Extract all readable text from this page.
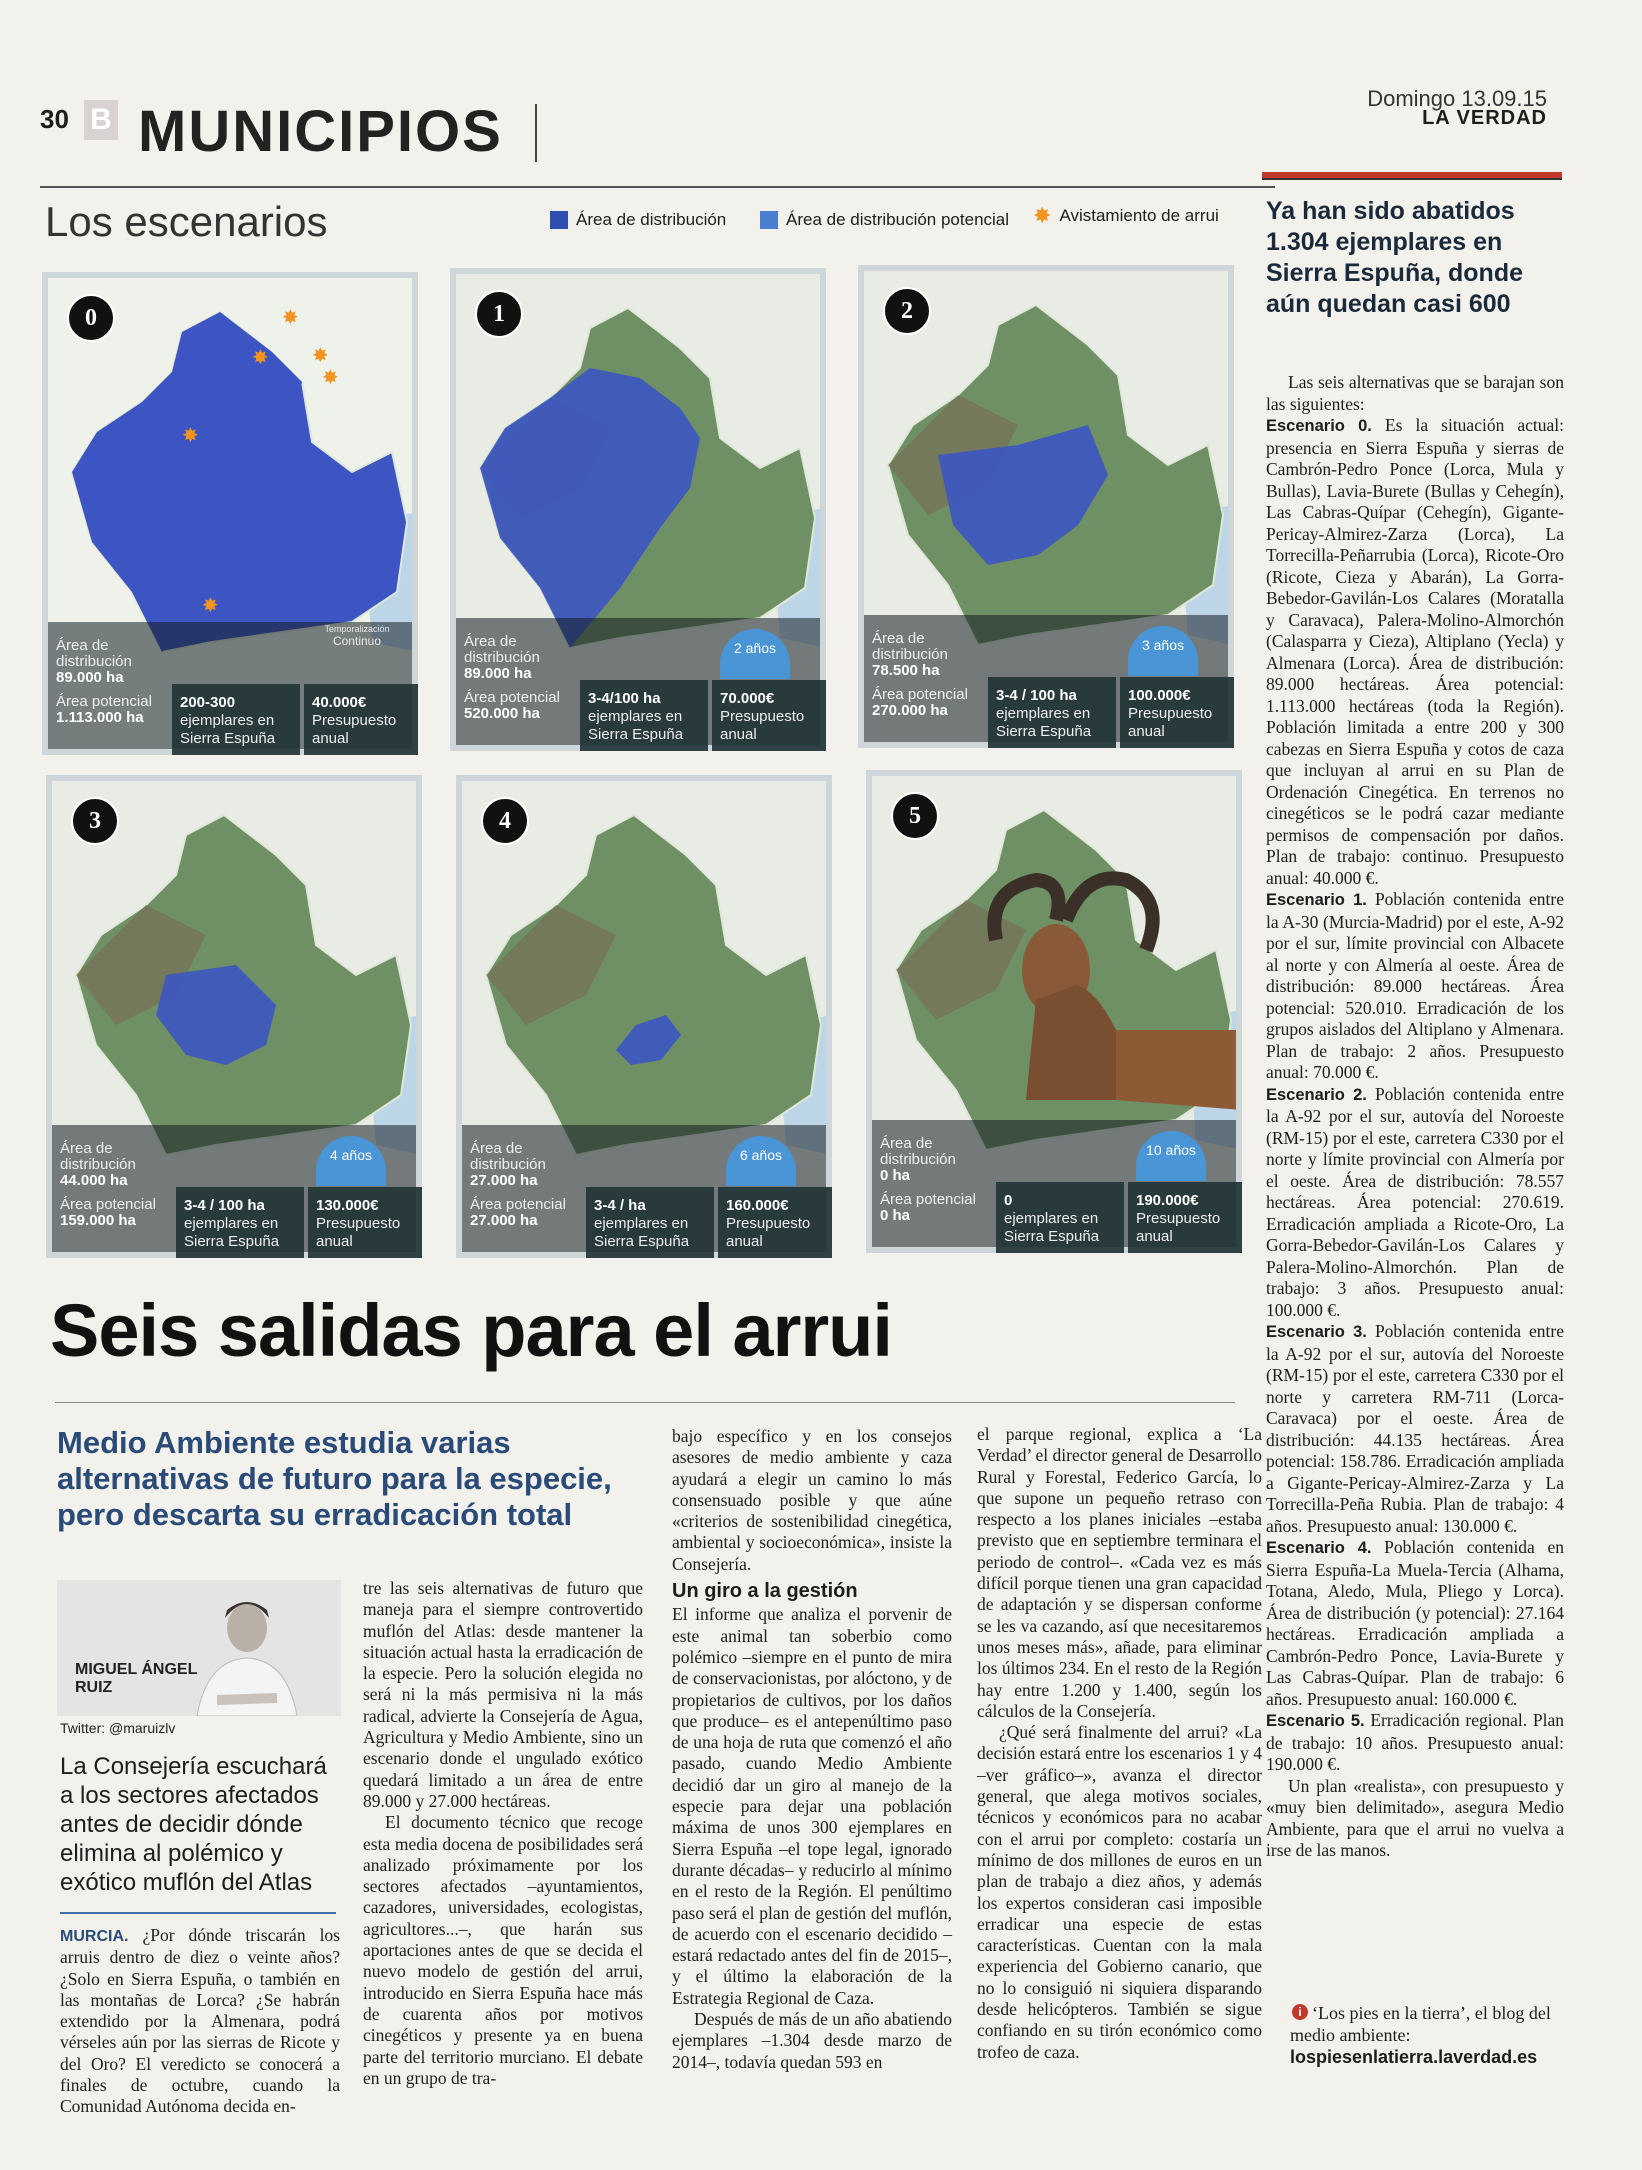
30 B MUNICIPIOS
Domingo 13.09.15
LA VERDAD
Los escenarios	Área de distribución	Área de distribución potencial ✸ Avistamiento de arrui
✸
✸ ✸
✸
✸
✸
0
Temporalización
Continuo
Área de distribución
89.000 ha
Área potencial
1.113.000 ha
200-300
ejemplares en Sierra Espuña
40.000€
Presupuesto anual
1
2 años
Área de distribución
89.000 ha
Área potencial
520.000 ha
3-4/100 ha
ejemplares en Sierra Espuña
70.000€
Presupuesto anual
2
3 años
Área de distribución
78.500 ha
Área potencial
270.000 ha
3-4 / 100 ha
ejemplares en Sierra Espuña
100.000€
Presupuesto anual
3
4 años
Área de distribución
44.000 ha
Área potencial
159.000 ha
3-4 / 100 ha
ejemplares en Sierra Espuña
130.000€
Presupuesto anual
4
6 años
Área de distribución
27.000 ha
Área potencial
27.000 ha
3-4 / ha
ejemplares en Sierra Espuña
160.000€
Presupuesto anual
5
10 años
Área de distribución
0 ha
Área potencial
0 ha
0
ejemplares en Sierra Espuña
190.000€
Presupuesto anual
Ya han sido abatidos 1.304 ejemplares en Sierra Espuña, donde aún quedan casi 600

Las seis alternativas que se barajan son las siguientes:

Escenario 0. Es la situación actual: presencia en Sierra Espuña y sierras de Cambrón-Pedro Ponce (Lorca, Mula y Bullas), Lavia-Burete (Bullas y Cehegín), Las Cabras-Quípar (Cehegín), Gigante-Pericay-Almirez-Zarza (Lorca), La Torrecilla-Peñarrubia (Lorca), Ricote-Oro (Ricote, Cieza y Abarán), La Gorra-Bebedor-Gavilán-Los Calares (Moratalla y Caravaca), Palera-Molino-Almorchón (Calasparra y Cieza), Altiplano (Yecla) y Almenara (Lorca). Área de distribución: 89.000 hectáreas. Área potencial: 1.113.000 hectáreas (toda la Región). Población limitada a entre 200 y 300 cabezas en Sierra Espuña y cotos de caza que incluyan al arrui en su Plan de Ordenación Cinegética. En terrenos no cinegéticos se le podrá cazar mediante permisos de compensación por daños. Plan de trabajo: continuo. Presupuesto anual: 40.000 €.

Escenario 1. Población contenida entre la A-30 (Murcia-Madrid) por el este, A-92 por el sur, límite provincial con Albacete al norte y con Almería al oeste. Área de distribución: 89.000 hectáreas. Área potencial: 520.010. Erradicación de los grupos aislados del Altiplano y Almenara. Plan de trabajo: 2 años. Presupuesto anual: 70.000 €.

Escenario 2. Población contenida entre la A-92 por el sur, autovía del Noroeste (RM-15) por el este, carretera C330 por el norte y límite provincial con Almería por el oeste. Área de distribución: 78.557 hectáreas. Área potencial: 270.619. Erradicación ampliada a Ricote-Oro, La Gorra-Bebedor-Gavilán-Los Calares y Palera-Molino-Almorchón. Plan de trabajo: 3 años. Presupuesto anual: 100.000 €.

Escenario 3. Población contenida entre la A-92 por el sur, autovía del Noroeste (RM-15) por el este, carretera C330 por el norte y carretera RM-711 (Lorca-Caravaca) por el oeste. Área de distribución: 44.135 hectáreas. Área potencial: 158.786. Erradicación ampliada a Gigante-Pericay-Almirez-Zarza y La Torrecilla-Peña Rubia. Plan de trabajo: 4 años. Presupuesto anual: 130.000 €.

Escenario 4. Población contenida en Sierra Espuña-La Muela-Tercia (Alhama, Totana, Aledo, Mula, Pliego y Lorca). Área de distribución (y potencial): 27.164 hectáreas. Erradicación ampliada a Cambrón-Pedro Ponce, Lavia-Burete y Las Cabras-Quípar. Plan de trabajo: 6 años. Presupuesto anual: 160.000 €.

Escenario 5. Erradicación regional. Plan de trabajo: 10 años. Presupuesto anual: 190.000 €.

Un plan «realista», con presupuesto y «muy bien delimitado», asegura Medio Ambiente, para que el arrui no vuelva a irse de las manos.

i ‘Los pies en la tierra’, el blog del medio ambiente:
lospiesenlatierra.laverdad.es
Seis salidas para el arrui
Medio Ambiente estudia varias alternativas de futuro para la especie, pero descarta su erradicación total
MIGUEL ÁNGEL
RUIZ
Twitter: @maruizlv
La Consejería escuchará a los sectores afectados antes de decidir dónde elimina al polémico y exótico muflón del Atlas

MURCIA. ¿Por dónde triscarán los arruis dentro de diez o veinte años? ¿Solo en Sierra Espuña, o también en las montañas de Lorca? ¿Se habrán extendido por la Almenara, podrá vérseles aún por las sierras de Ricote y del Oro? El veredicto se conocerá a finales de octubre, cuando la Comunidad Autónoma decida en-

tre las seis alternativas de futuro que maneja para el siempre controvertido muflón del Atlas: desde mantener la situación actual hasta la erradicación de la especie. Pero la solución elegida no será ni la más permisiva ni la más radical, advierte la Consejería de Agua, Agricultura y Medio Ambiente, sino un escenario donde el ungulado exótico quedará limitado a un área de entre 89.000 y 27.000 hectáreas.

El documento técnico que recoge esta media docena de posibilidades será analizado próximamente por los sectores afectados –ayuntamientos, cazadores, universidades, ecologistas, agricultores...–, que harán sus aportaciones antes de que se decida el nuevo modelo de gestión del arrui, introducido en Sierra Espuña hace más de cuarenta años por motivos cinegéticos y presente ya en buena parte del territorio murciano. El debate en un grupo de tra-

bajo específico y en los consejos asesores de medio ambiente y caza ayudará a elegir un camino lo más consensuado posible y que aúne «criterios de sostenibilidad cinegética, ambiental y socioeconómica», insiste la Consejería.

Un giro a la gestión

El informe que analiza el porvenir de este animal tan soberbio como polémico –siempre en el punto de mira de conservacionistas, por alóctono, y de propietarios de cultivos, por los daños que produce– es el antepenúltimo paso de una hoja de ruta que comenzó el año pasado, cuando Medio Ambiente decidió dar un giro al manejo de la especie para dejar una población máxima de unos 300 ejemplares en Sierra Espuña –el tope legal, ignorado durante décadas– y reducirlo al mínimo en el resto de la Región. El penúltimo paso será el plan de gestión del muflón, de acuerdo con el escenario decidido –estará redactado antes del fin de 2015–, y el último la elaboración de la Estrategia Regional de Caza.

Después de más de un año abatiendo ejemplares –1.304 desde marzo de 2014–, todavía quedan 593 en

el parque regional, explica a ‘La Verdad’ el director general de Desarrollo Rural y Forestal, Federico García, lo que supone un pequeño retraso con respecto a los planes iniciales –estaba previsto que en septiembre terminara el periodo de control–. «Cada vez es más difícil porque tienen una gran capacidad de adaptación y se dispersan conforme se les va cazando, así que necesitaremos unos meses más», añade, para eliminar los últimos 234. En el resto de la Región hay entre 1.200 y 1.400, según los cálculos de la Consejería.

¿Qué será finalmente del arrui? «La decisión estará entre los escenarios 1 y 4 –ver gráfico–», avanza el director general, que alega motivos sociales, técnicos y económicos para no acabar con el arrui por completo: costaría un mínimo de dos millones de euros en un plan de trabajo a diez años, y además los expertos consideran casi imposible erradicar una especie de estas características. Cuentan con la mala experiencia del Gobierno canario, que no lo consiguió ni siquiera disparando desde helicópteros. También se sigue confiando en su tirón económico como trofeo de caza.
